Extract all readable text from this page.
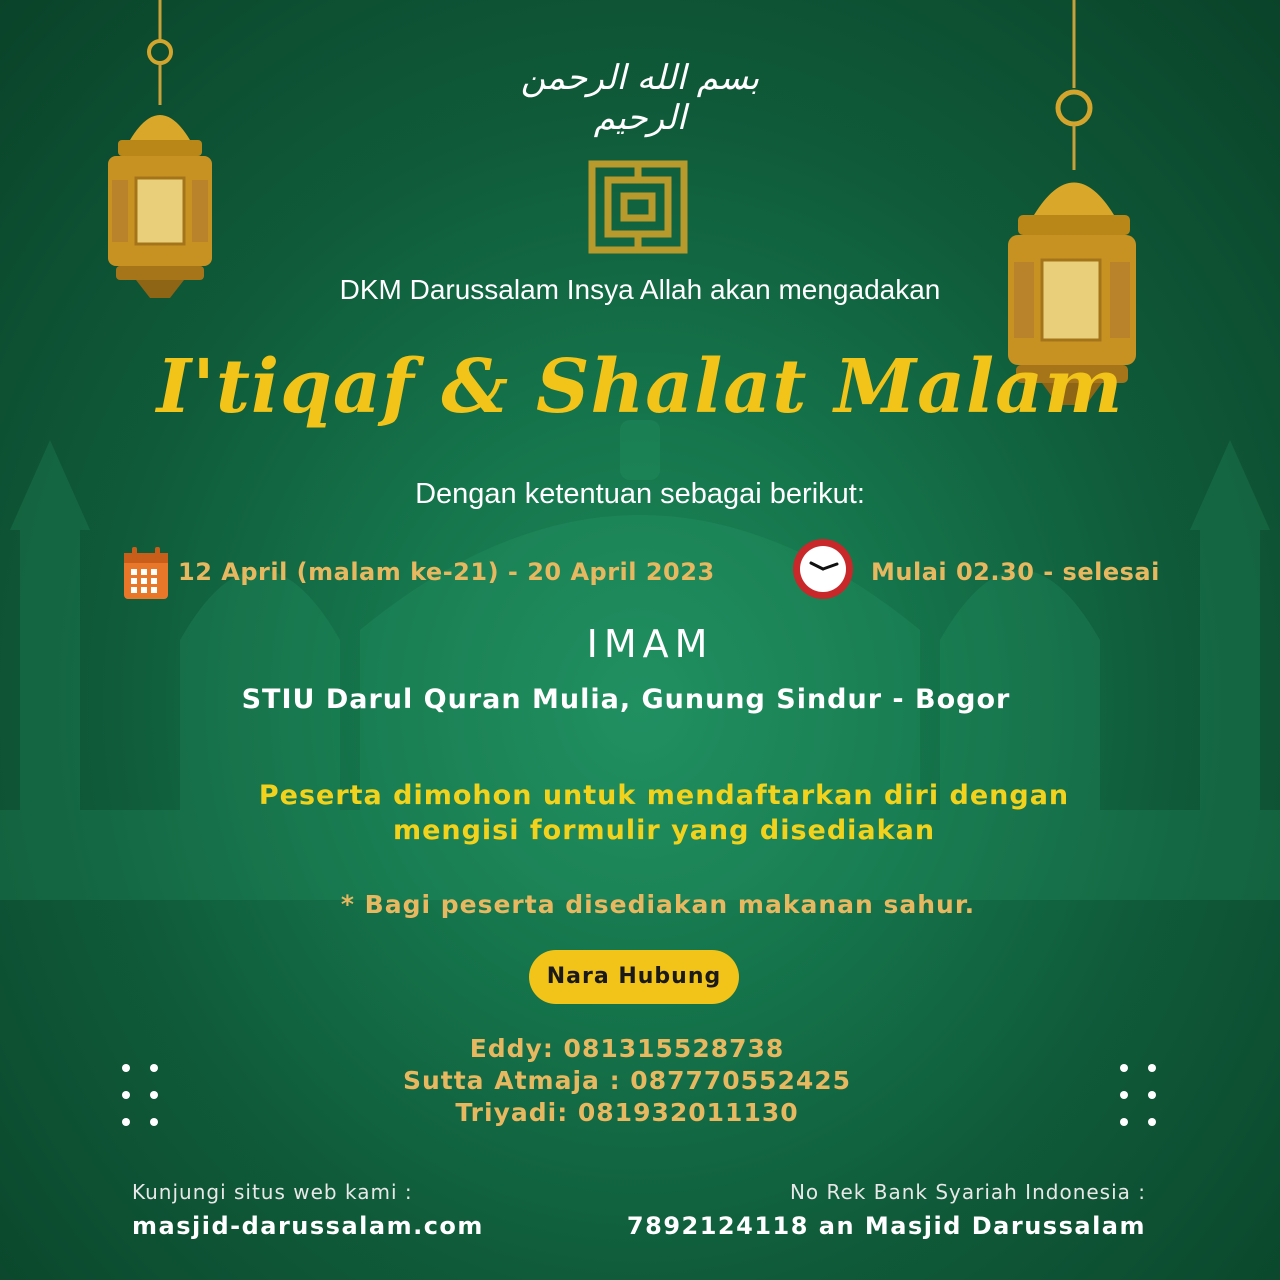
بسم الله الرحمن الرحيم
DKM Darussalam Insya Allah akan mengadakan
I'tiqaf & Shalat Malam
Dengan ketentuan sebagai berikut:
12 April (malam ke-21) - 20 April 2023	Mulai 02.30 - selesai
IMAM
STIU Darul Quran Mulia, Gunung Sindur - Bogor
Peserta dimohon untuk mendaftarkan diri dengan
mengisi formulir yang disediakan
* Bagi peserta disediakan makanan sahur.
Nara Hubung
Eddy: 081315528738
Sutta Atmaja : 087770552425
Triyadi: 081932011130
Kunjungi situs web kami :
masjid-darussalam.com
No Rek Bank Syariah Indonesia :
7892124118 an Masjid Darussalam
